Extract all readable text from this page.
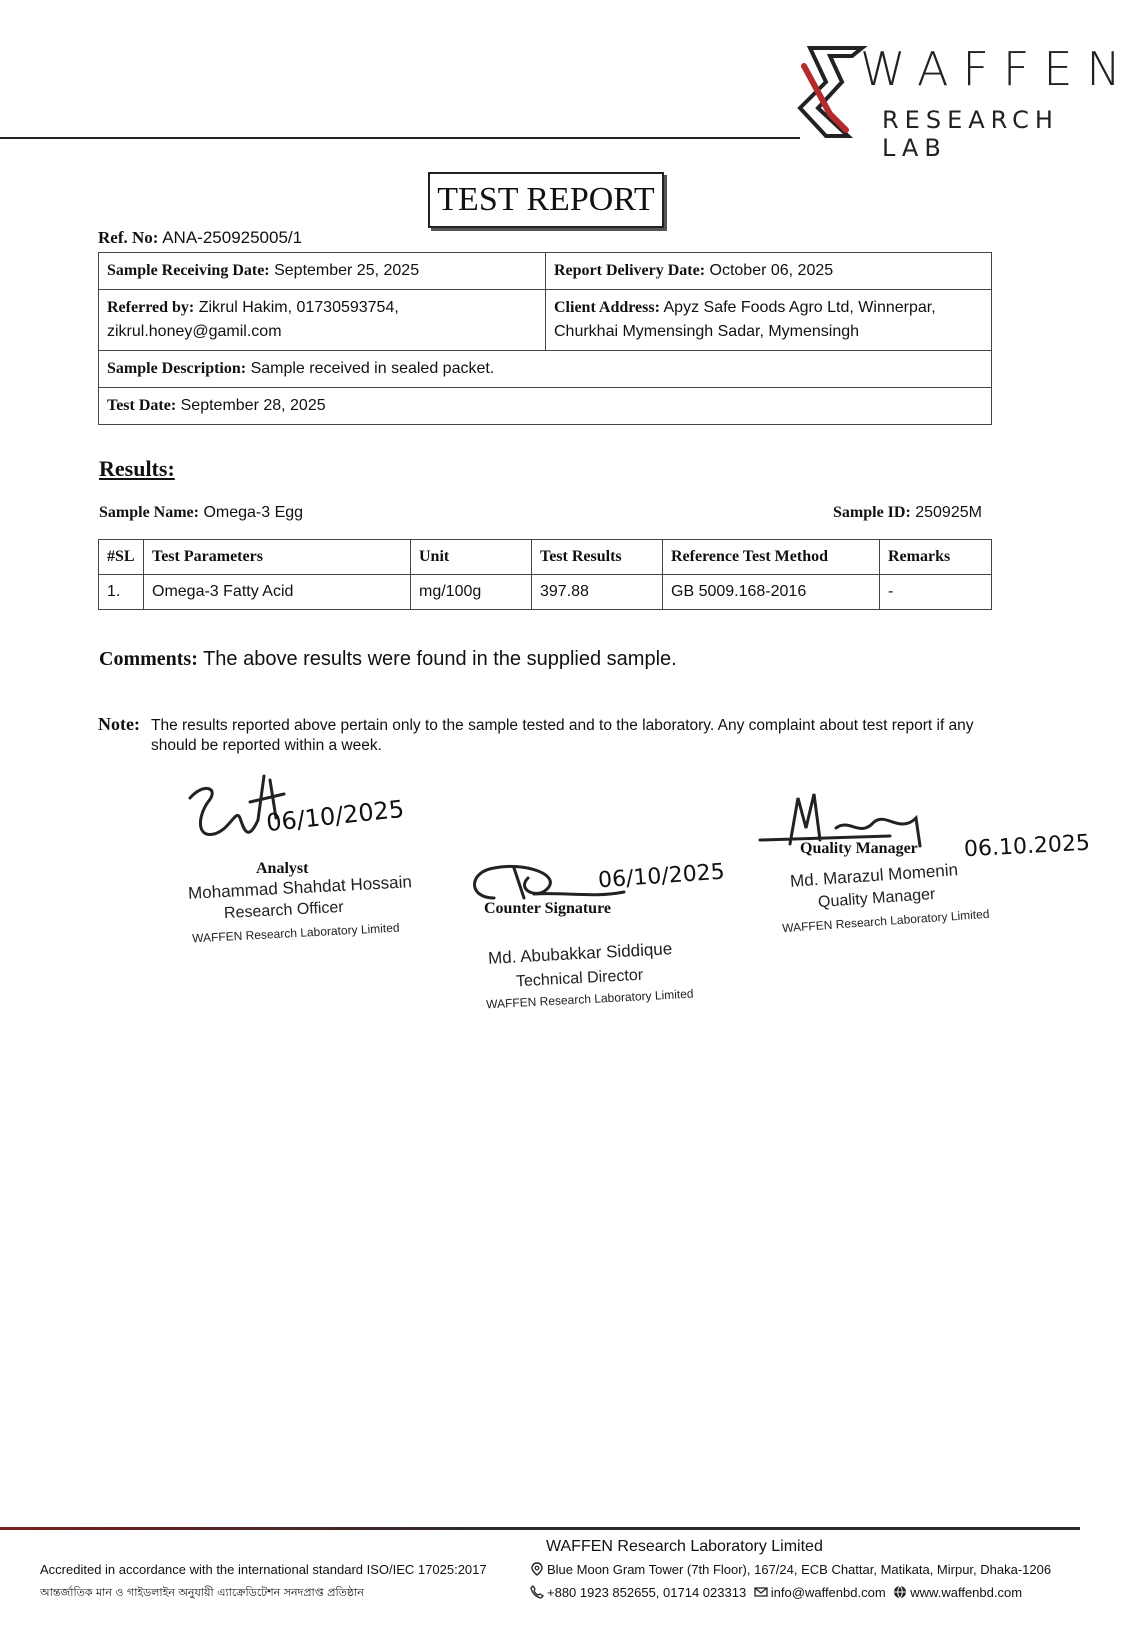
WAFFEN
RESEARCH LAB
TEST REPORT
Ref. No: ANA-250925005/1
Sample Receiving Date: September 25, 2025	Report Delivery Date: October 06, 2025
Referred by: Zikrul Hakim, 01730593754,
zikrul.honey@gamil.com	Client Address: Apyz Safe Foods Agro Ltd, Winnerpar,
Churkhai Mymensingh Sadar, Mymensingh
Sample Description: Sample received in sealed packet.	
Test Date: September 28, 2025	
Results:
Sample Name: Omega-3 Egg	Sample ID: 250925M
#SL	Test Parameters	Unit	Test Results	Reference Test Method	Remarks
1.	Omega-3 Fatty Acid	mg/100g	397.88	GB 5009.168-2016	-
Comments: The above results were found in the supplied sample.
Note: The results reported above pertain only to the sample tested and to the laboratory. Any complaint about test report if any should be reported within a week.
06/10/2025
Analyst
Mohammad Shahdat Hossain
Research Officer
WAFFEN Research Laboratory Limited
06/10/2025
Counter Signature
Md. Abubakkar Siddique
Technical Director
WAFFEN Research Laboratory Limited
Quality Manager 06.10.2025
Md. Marazul Momenin
Quality Manager
WAFFEN Research Laboratory Limited
WAFFEN Research Laboratory Limited
Accredited in accordance with the international standard ISO/IEC 17025:2017
আন্তর্জাতিক মান ও গাইডলাইন অনুযায়ী এ্যাক্রেডিটেশন সনদপ্রাপ্ত প্রতিষ্ঠান
Blue Moon Gram Tower (7th Floor), 167/24, ECB Chattar, Matikata, Mirpur, Dhaka-1206
+880 1923 852655, 01714 023313 info@waffenbd.com www.waffenbd.com
